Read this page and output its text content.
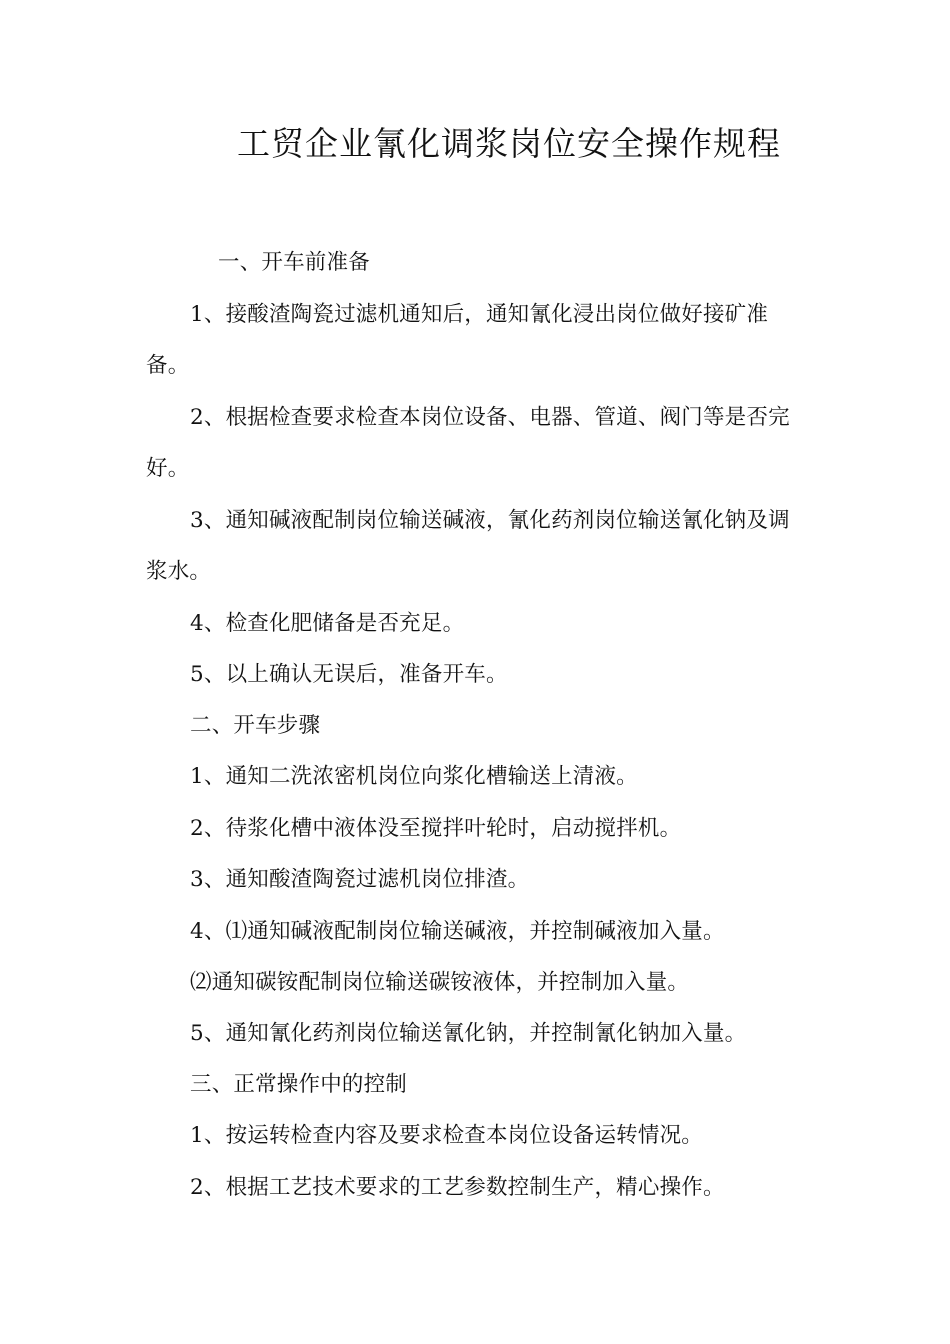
工贸企业氰化调浆岗位安全操作规程
一、开车前准备
1、接酸渣陶瓷过滤机通知后，通知氰化浸出岗位做好接矿准
备。
2、根据检查要求检查本岗位设备、电器、管道、阀门等是否完
好。
3、通知碱液配制岗位输送碱液，氰化药剂岗位输送氰化钠及调
浆水。
4、检查化肥储备是否充足。
5、以上确认无误后，准备开车。
二、开车步骤
1、通知二洗浓密机岗位向浆化槽输送上清液。
2、待浆化槽中液体没至搅拌叶轮时，启动搅拌机。
3、通知酸渣陶瓷过滤机岗位排渣。
4、⑴通知碱液配制岗位输送碱液，并控制碱液加入量。
⑵通知碳铵配制岗位输送碳铵液体，并控制加入量。
5、通知氰化药剂岗位输送氰化钠，并控制氰化钠加入量。
三、正常操作中的控制
1、按运转检查内容及要求检查本岗位设备运转情况。
2、根据工艺技术要求的工艺参数控制生产，精心操作。
